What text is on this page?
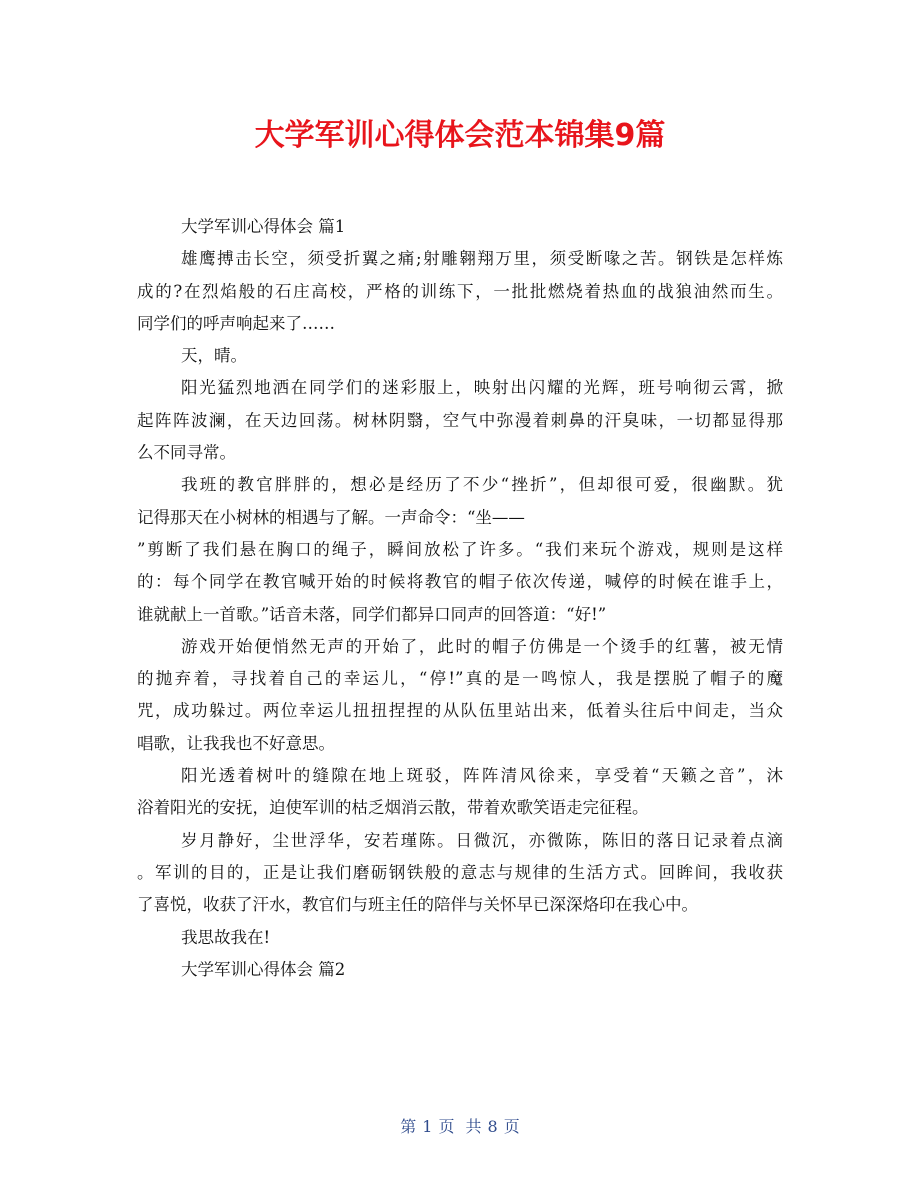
大学军训心得体会范本锦集9篇
大学军训心得体会 篇1
雄鹰搏击长空，须受折翼之痛;射雕翱翔万里，须受断喙之苦。钢铁是怎样炼
成的?在烈焰般的石庄高校，严格的训练下，一批批燃烧着热血的战狼油然而生。
同学们的呼声响起来了……
天，晴。
阳光猛烈地洒在同学们的迷彩服上，映射出闪耀的光辉，班号响彻云霄，掀
起阵阵波澜，在天边回荡。树林阴翳，空气中弥漫着刺鼻的汗臭味，一切都显得那
么不同寻常。
我班的教官胖胖的，想必是经历了不少“挫折”，但却很可爱，很幽默。犹
记得那天在小树林的相遇与了解。一声命令：“坐——
”剪断了我们悬在胸口的绳子，瞬间放松了许多。“我们来玩个游戏，规则是这样
的：每个同学在教官喊开始的时候将教官的帽子依次传递，喊停的时候在谁手上，
谁就献上一首歌。”话音未落，同学们都异口同声的回答道：“好!”
游戏开始便悄然无声的开始了，此时的帽子仿佛是一个烫手的红薯，被无情
的抛弃着，寻找着自己的幸运儿，“停!”真的是一鸣惊人，我是摆脱了帽子的魔
咒，成功躲过。两位幸运儿扭扭捏捏的从队伍里站出来，低着头往后中间走，当众
唱歌，让我我也不好意思。
阳光透着树叶的缝隙在地上斑驳，阵阵清风徐来，享受着“天籁之音”，沐
浴着阳光的安抚，迫使军训的枯乏烟消云散，带着欢歌笑语走完征程。
岁月静好，尘世浮华，安若瑾陈。日微沉，亦微陈，陈旧的落日记录着点滴
。军训的目的，正是让我们磨砺钢铁般的意志与规律的生活方式。回眸间，我收获
了喜悦，收获了汗水，教官们与班主任的陪伴与关怀早已深深烙印在我心中。
我思故我在!
大学军训心得体会 篇2
第 1 页 共 8 页
